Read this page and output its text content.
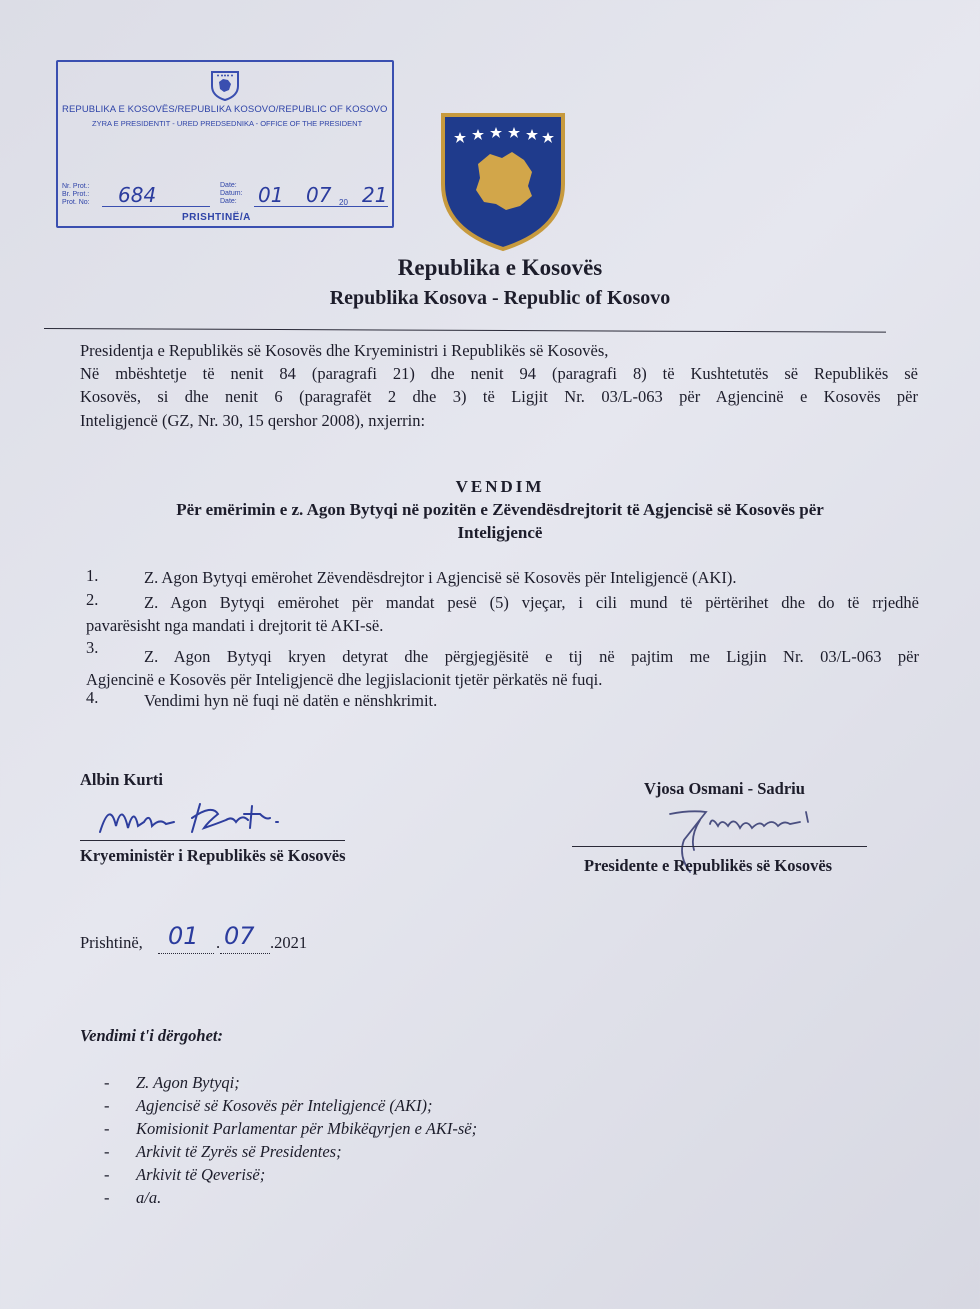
REPUBLIKA E KOSOVËS/REPUBLIKA KOSOVO/REPUBLIC OF KOSOVO
ZYRA E PRESIDENTIT - URED PREDSEDNIKA - OFFICE OF THE PRESIDENT
Nr. Prot.:
Br. Prot.:
Prot. No: 684	Date:
Datum:
Date: 01 07 20 21
PRISHTINË/A
Republika e Kosovës
Republika Kosova - Republic of Kosovo
Presidentja e Republikës së Kosovës dhe Kryeministri i Republikës së Kosovës,
Në mbështetje të nenit 84 (paragrafi 21) dhe nenit 94 (paragrafi 8) të Kushtetutës së Republikës së
Kosovës, si dhe nenit 6 (paragrafët 2 dhe 3) të Ligjit Nr. 03/L-063 për Agjencinë e Kosovës për
Inteligjencë (GZ, Nr. 30, 15 qershor 2008), nxjerrin:
VENDIM
Për emërimin e z. Agon Bytyqi në pozitën e Zëvendësdrejtorit të Agjencisë së Kosovës për
Inteligjencë
1.	Z. Agon Bytyqi emërohet Zëvendësdrejtor i Agjencisë së Kosovës për Inteligjencë (AKI).
2.	Z. Agon Bytyqi emërohet për mandat pesë (5) vjeçar, i cili mund të përtërihet dhe do të rrjedhë
pavarësisht nga mandati i drejtorit të AKI-së.
3.	Z. Agon Bytyqi kryen detyrat dhe përgjegjësitë e tij në pajtim me Ligjin Nr. 03/L-063 për
Agjencinë e Kosovës për Inteligjencë dhe legjislacionit tjetër përkatës në fuqi.
4.	Vendimi hyn në fuqi në datën e nënshkrimit.
Albin Kurti
Kryeministër i Republikës së Kosovës
Vjosa Osmani - Sadriu
Presidente e Republikës së Kosovës
Prishtinë, 01 . 07 .2021
Vendimi t'i dërgohet:
- Z. Agon Bytyqi;
- Agjencisë së Kosovës për Inteligjencë (AKI);
- Komisionit Parlamentar për Mbikëqyrjen e AKI-së;
- Arkivit të Zyrës së Presidentes;
- Arkivit të Qeverisë;
- a/a.
